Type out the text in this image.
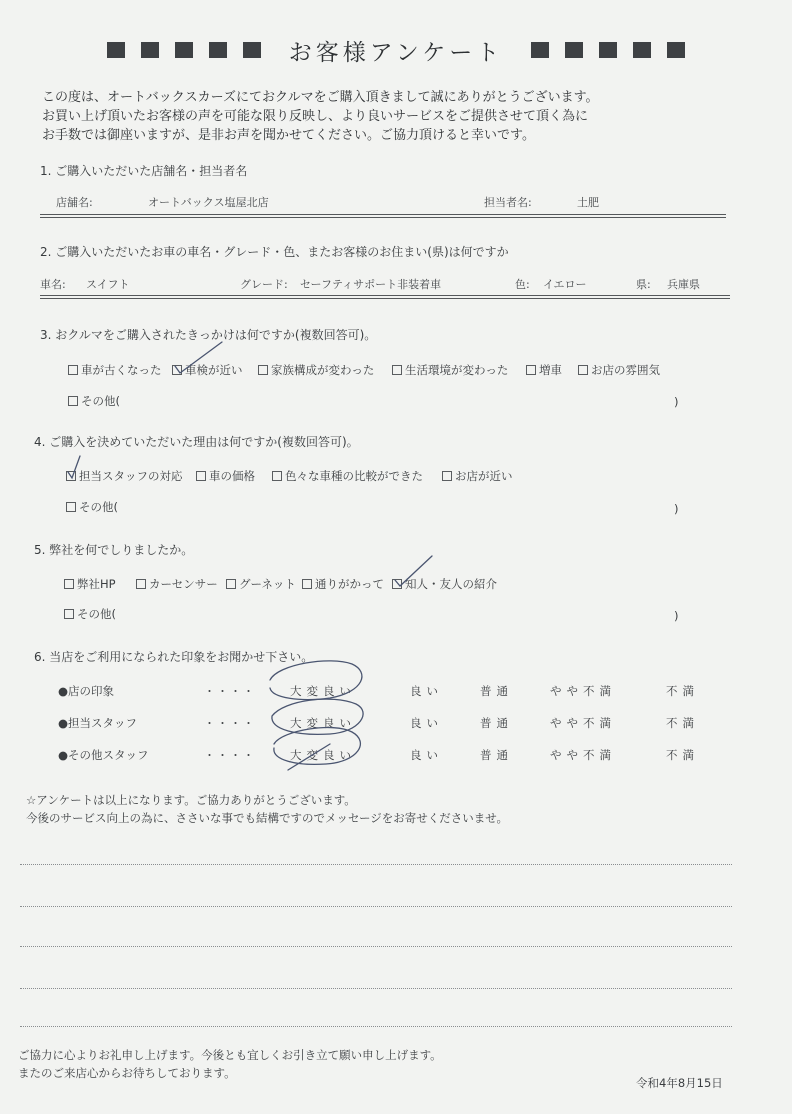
お客様アンケート
この度は、オートバックスカーズにておクルマをご購入頂きまして誠にありがとうございます。
お買い上げ頂いたお客様の声を可能な限り反映し、より良いサービスをご提供させて頂く為に
お手数では御座いますが、是非お声を聞かせてください。ご協力頂けると幸いです。
1. ご購入いただいた店舗名・担当者名
店舗名:	オートバックス塩屋北店	担当者名:	土肥
2. ご購入いただいたお車の車名・グレード・色、またお客様のお住まい(県)は何ですか
車名: スイフト	グレード: セーフティサポート非装着車	色: イエロー	県: 兵庫県
3. おクルマをご購入されたきっかけは何ですか(複数回答可)。
車が古くなった	車検が近い	家族構成が変わった	生活環境が変わった	増車	お店の雰囲気
その他(	)
4. ご購入を決めていただいた理由は何ですか(複数回答可)。
担当スタッフの対応	車の価格	色々な車種の比較ができた	お店が近い
その他(	)
5. 弊社を何でしりましたか。
弊社HP	カーセンサー	グーネット	通りがかって	知人・友人の紹介
その他(	)
6. 当店をご利用になられた印象をお聞かせ下さい。
●店の印象	・・・・	大変良い	良い	普通	やや不満	不満
●担当スタッフ	・・・・	大変良い	良い	普通	やや不満	不満
●その他スタッフ	・・・・	大変良い	良い	普通	やや不満	不満
☆アンケートは以上になります。ご協力ありがとうございます。
今後のサービス向上の為に、ささいな事でも結構ですのでメッセージをお寄せくださいませ。
ご協力に心よりお礼申し上げます。今後とも宜しくお引き立て願い申し上げます。
またのご来店心からお待ちしております。
令和4年8月15日
